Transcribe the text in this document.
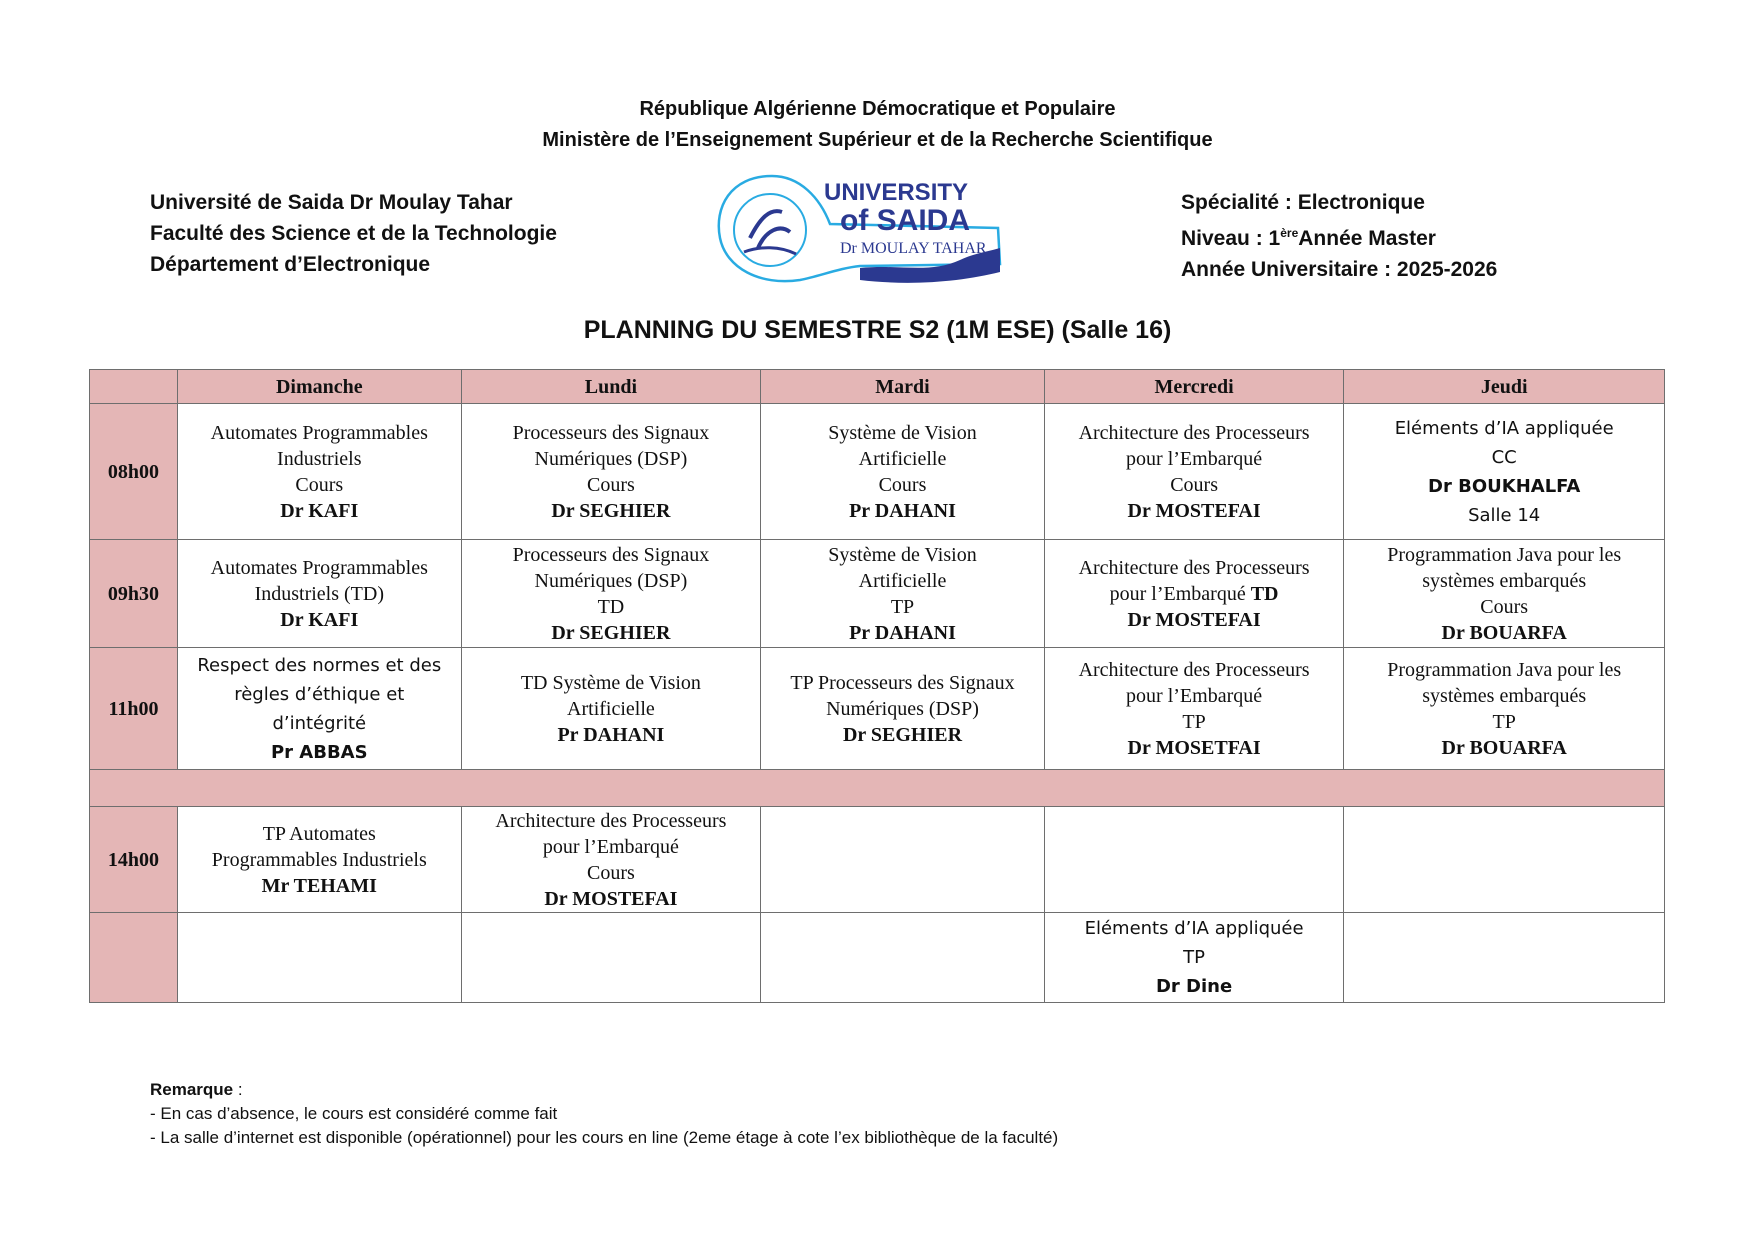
République Algérienne Démocratique et Populaire
Ministère de l’Enseignement Supérieur et de la Recherche Scientifique
Université de Saida Dr Moulay Tahar
Faculté des Science et de la Technologie
Département d’Electronique
UNIVERSITY
of SAIDA
Dr MOULAY TAHAR
Spécialité : Electronique
Niveau : 1èreAnnée Master
Année Universitaire : 2025-2026
PLANNING DU SEMESTRE S2 (1M ESE) (Salle 16)
	Dimanche	Lundi	Mardi	Mercredi	Jeudi
08h00	Automates Programmables
Industriels
Cours
Dr KAFI	Processeurs des Signaux
Numériques (DSP)
Cours
Dr SEGHIER	Système de Vision
Artificielle
Cours
Pr DAHANI	Architecture des Processeurs
pour l’Embarqué
Cours
Dr MOSTEFAI	Eléments d’IA appliquée
CC
Dr BOUKHALFA
Salle 14

09h30	Automates Programmables
Industriels (TD)
Dr KAFI	Processeurs des Signaux
Numériques (DSP)
TD
Dr SEGHIER	Système de Vision
Artificielle
TP
Pr DAHANI	Architecture des Processeurs
pour l’Embarqué TD
Dr MOSTEFAI	Programmation Java pour les
systèmes embarqués
Cours
Dr BOUARFA

11h00	Respect des normes et des
règles d’éthique et
d’intégrité
Pr ABBAS	TD Système de Vision
Artificielle
Pr DAHANI	TP Processeurs des Signaux
Numériques (DSP)
Dr SEGHIER	Architecture des Processeurs
pour l’Embarqué
TP
Dr MOSETFAI	Programmation Java pour les
systèmes embarqués
TP
Dr BOUARFA

14h00	TP Automates
Programmables Industriels
Mr TEHAMI	Architecture des Processeurs
pour l’Embarqué
Cours
Dr MOSTEFAI			

				Eléments d’IA appliquée
TP
Dr Dine	

Remarque :
- En cas d’absence, le cours est considéré comme fait
- La salle d’internet est disponible (opérationnel) pour les cours en line (2eme étage à cote l’ex bibliothèque de la faculté)
